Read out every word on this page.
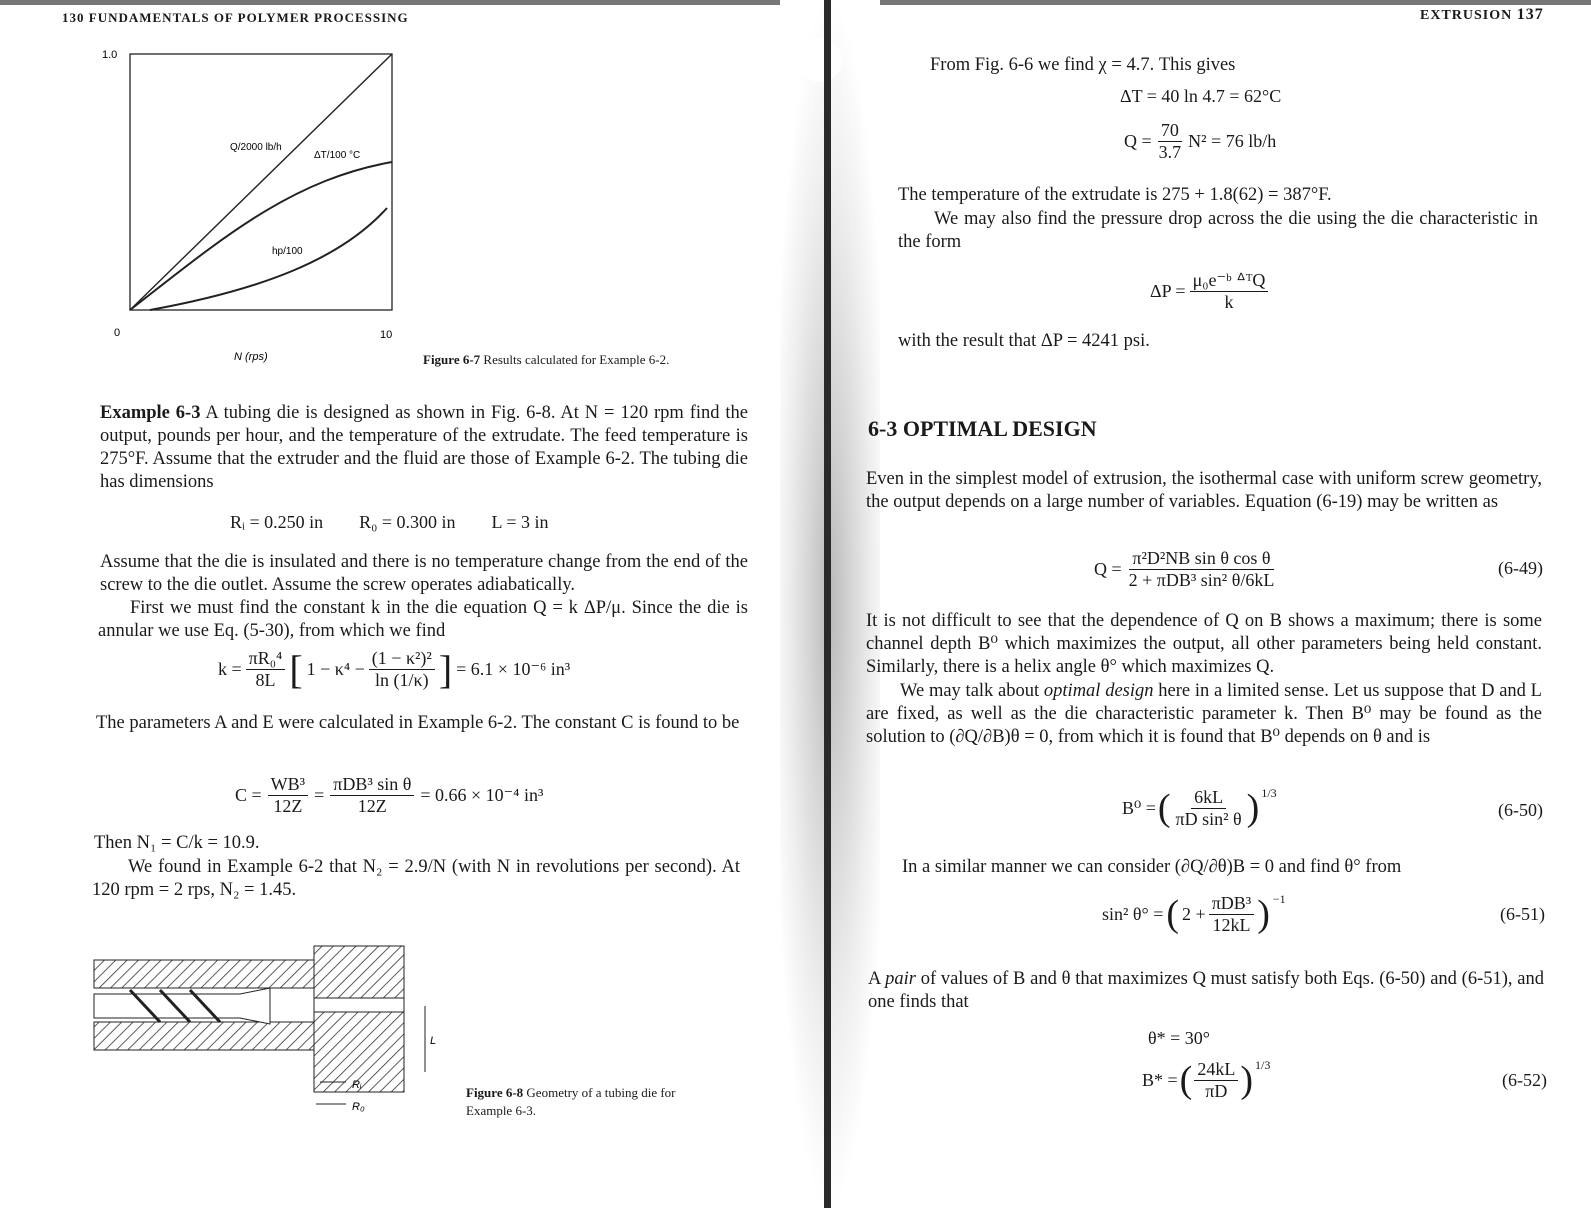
130 FUNDAMENTALS OF POLYMER PROCESSING
1.0
0	10
N (rps)
Q/2000 lb/h
ΔT/100 °C
hp/100
Figure 6-7 Results calculated for Example 6-2.
Example 6-3 A tubing die is designed as shown in Fig. 6-8. At N = 120 rpm find the output, pounds per hour, and the temperature of the extrudate. The feed temperature is 275°F. Assume that the extruder and the fluid are those of Example 6-2. The tubing die has dimensions
Rᵢ = 0.250 in R₀ = 0.300 in L = 3 in
Assume that the die is insulated and there is no temperature change from the end of the screw to the die outlet. Assume the screw operates adiabatically.
First we must find the constant k in the die equation Q = k ΔP/μ. Since the die is annular we use Eq. (5-30), from which we find
$k = \frac{\text{πR₀⁴}}{8L}$ [ $1 - \kappa^4 - \frac{\text{(1 − κ²)²}}{\ln (1/\kappa)}$ ] = 6.1 × 10⁻⁶ in³
The parameters A and E were calculated in Example 6-2. The constant C is found to be
$C = \frac{\text{WB³}}{12Z} = \frac{\text{πDB³ sin θ}}{12Z} = 0.66 \times 10^{-4}$ in³
Then N₁ = C/k = 10.9.
We found in Example 6-2 that N₂ = 2.9/N (with N in revolutions per second). At 120 rpm = 2 rps, N₂ = 1.45.
L
Rᵢ
R₀
Figure 6-8 Geometry of a tubing die for
Example 6-3.
EXTRUSION 137
From Fig. 6-6 we find χ = 4.7. This gives
ΔT = 40 ln 4.7 = 62°C
$Q = \frac{70}{3.7} N^2 = 76$ lb/h
The temperature of the extrudate is 275 + 1.8(62) = 387°F.
We may also find the pressure drop across the die using the die characteristic in the form
$\Delta P = \frac{\text{μ₀e⁻ᵇ ᐞᵀQ}}{k}$
with the result that ΔP = 4241 psi.
6-3 OPTIMAL DESIGN
Even in the simplest model of extrusion, the isothermal case with uniform screw geometry, the output depends on a large number of variables. Equation (6-19) may be written as
$Q = \frac{\text{π²D²NB sin θ cos θ}}{\text{2 + πDB³ sin² θ/6kL}}$	(6-49)
It is not difficult to see that the dependence of Q on B shows a maximum; there is some channel depth B⁰ which maximizes the output, all other parameters being held constant. Similarly, there is a helix angle θ° which maximizes Q.
We may talk about optimal design here in a limited sense. Let us suppose that D and L are fixed, as well as the die characteristic parameter k. Then B⁰ may be found as the solution to (∂Q/∂B)θ = 0, from which it is found that B⁰ depends on θ and is
B⁰ = ( $\frac{6kL}{\text{πD sin² θ}} )^{1/3}$
(6-50)
In a similar manner we can consider (∂Q/∂θ)B = 0 and find θ° from
sin² θ° = ( $2 + \frac{\text{πDB³}}{12kL}$ ) $^{-1}$
(6-51)
A pair of values of B and θ that maximizes Q must satisfy both Eqs. (6-50) and (6-51), and one finds that
θ* = 30°
B* = ( $\frac{24kL}{\pi D} )^{1/3}$
(6-52)
